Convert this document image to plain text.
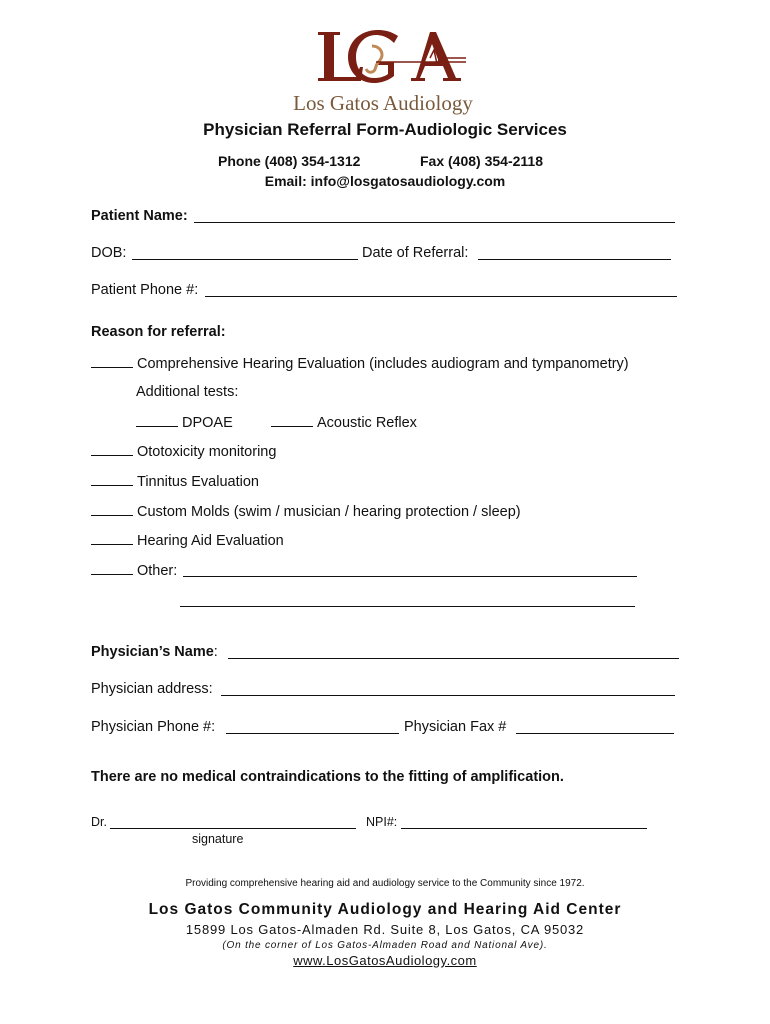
Los Gatos Audiology
Physician Referral Form-Audiologic Services
Phone (408) 354-1312	Fax (408) 354-2118
Email: info@losgatosaudiology.com
Patient Name:
DOB:	Date of Referral:
Patient Phone #:
Reason for referral:
Comprehensive Hearing Evaluation (includes audiogram and tympanometry)
Additional tests:
DPOAE	Acoustic Reflex
Ototoxicity monitoring
Tinnitus Evaluation
Custom Molds (swim / musician / hearing protection / sleep)
Hearing Aid Evaluation
Other:
Physician’s Name:
Physician address:
Physician Phone #:	Physician Fax #
There are no medical contraindications to the fitting of amplification.
Dr.	NPI#:
signature
Providing comprehensive hearing aid and audiology service to the Community since 1972.
Los Gatos Community Audiology and Hearing Aid Center
15899 Los Gatos-Almaden Rd. Suite 8, Los Gatos, CA 95032
(On the corner of Los Gatos-Almaden Road and National Ave).
www.LosGatosAudiology.com
